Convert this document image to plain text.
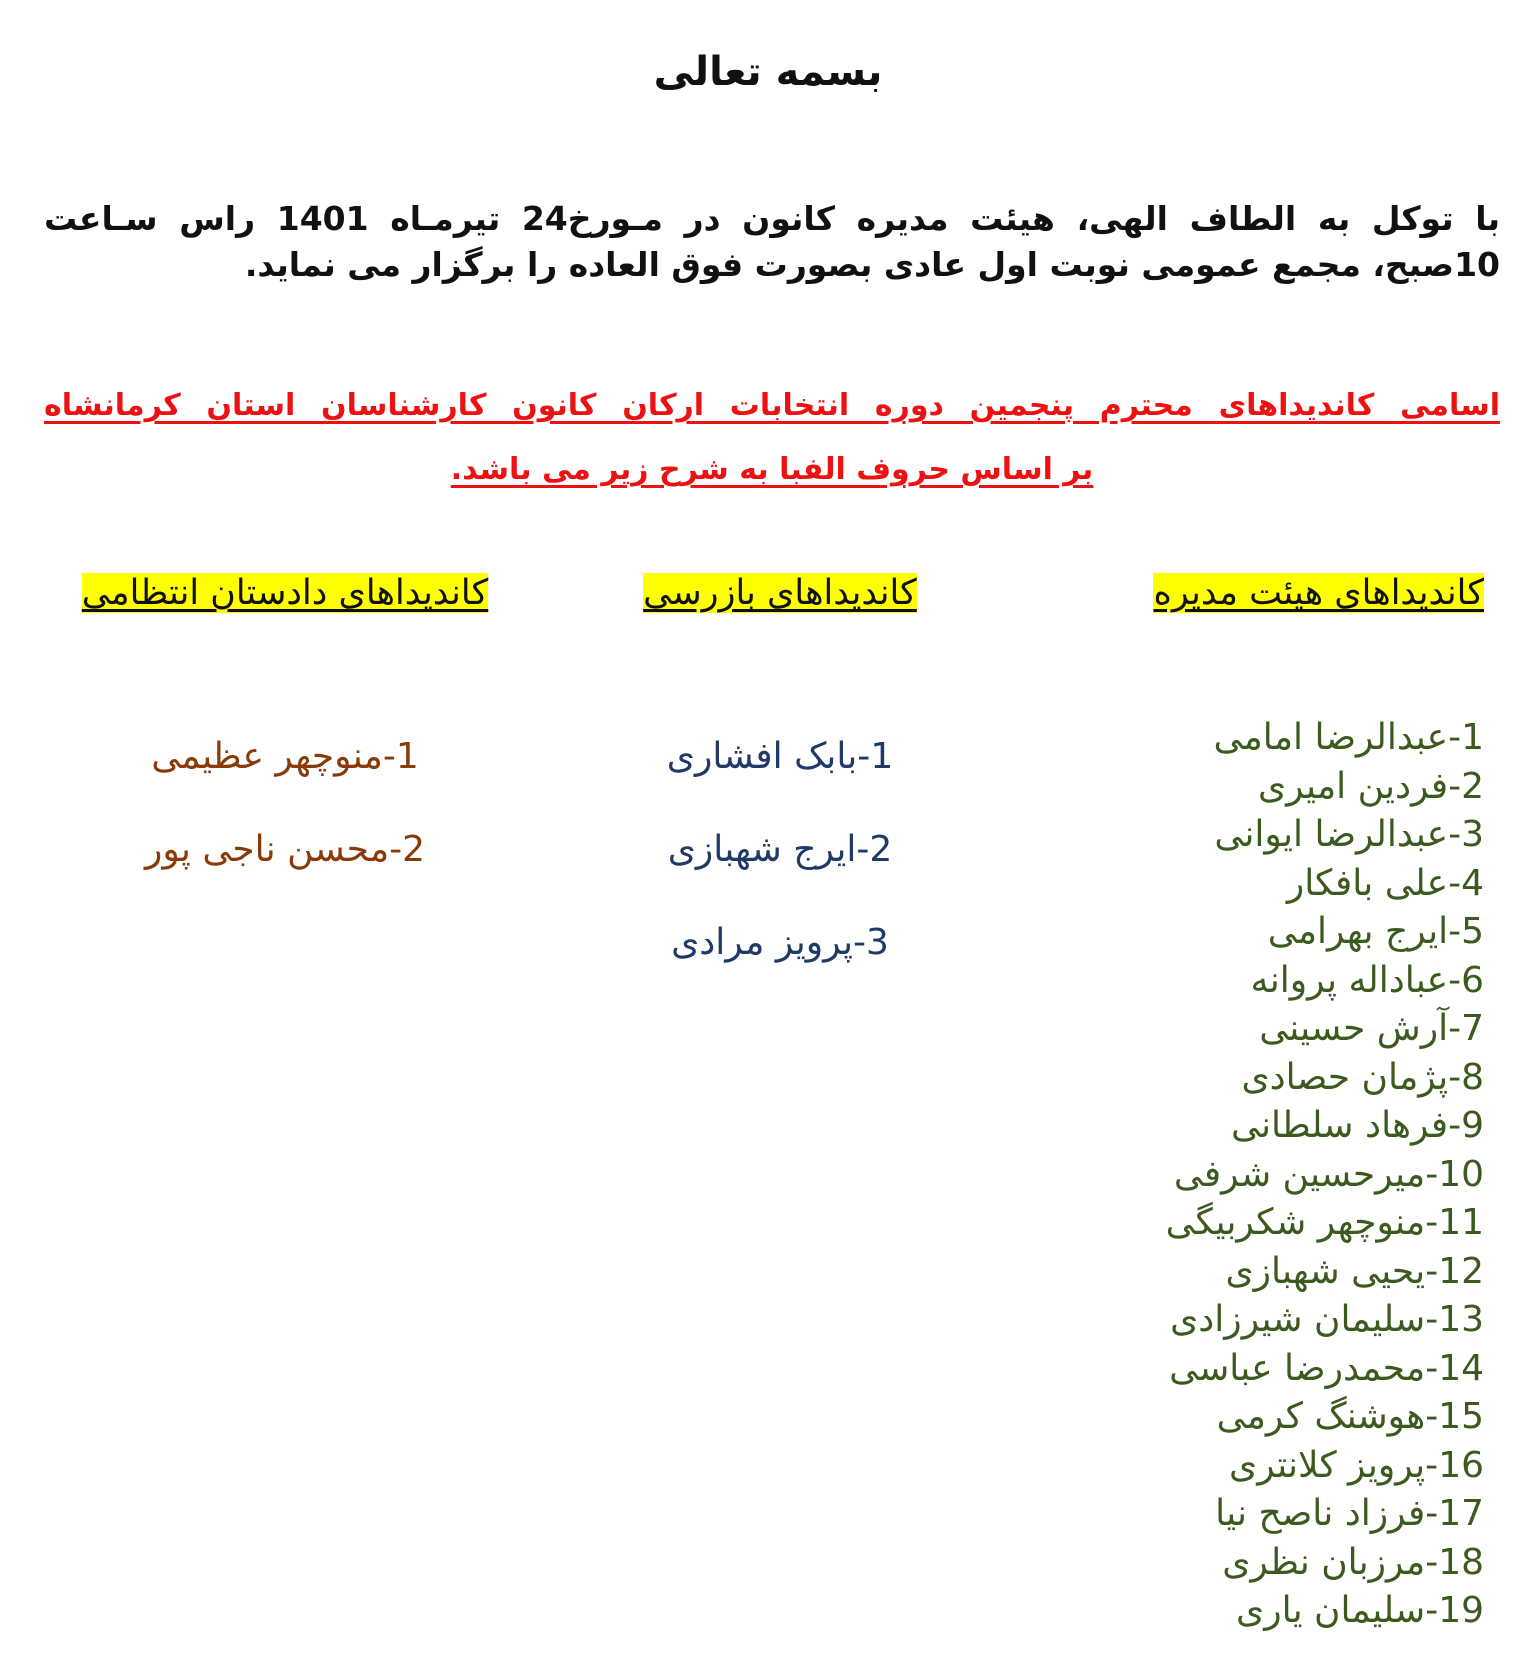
بسمه تعالی

با توکل به الطاف الهی، هیئت مدیره کانون در مـورخ24 تیرمـاه 1401 راس سـاعت 10صبح، مجمع عمومی نوبت اول عادی بصورت فوق العاده را برگزار می نماید.

اسامی کاندیداهای محترم پنجمین دوره انتخابات ارکان کانون کارشناسان استان کرمانشاه
بر اساس حروف الفبا به شرح زیر می باشد.

کاندیداهای هیئت مدیره
1-عبدالرضا امامی
2-فردین امیری
3-عبدالرضا ایوانی
4-علی بافکار
5-ایرج بهرامی
6-عباداله پروانه
7-آرش حسینی
8-پژمان حصادی
9-فرهاد سلطانی
10-میرحسین شرفی
11-منوچهر شکربیگی
12-یحیی شهبازی
13-سلیمان شیرزادی
14-محمدرضا عباسی
15-هوشنگ کرمی
16-پرویز کلانتری
17-فرزاد ناصح نیا
18-مرزبان نظری
19-سلیمان یاری
کاندیداهای بازرسی
1-بابک افشاری
2-ایرج شهبازی
3-پرویز مرادی
کاندیداهای دادستان انتظامی
1-منوچهر عظیمی
2-محسن ناجی پور
